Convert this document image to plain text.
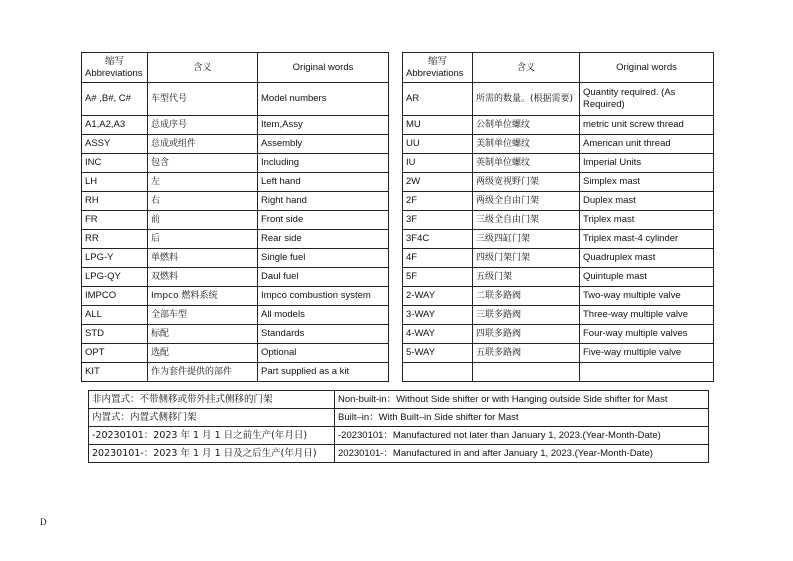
缩写
Abbreviations	含义	Original words
A# ,B#, C#	车型代号	Model numbers
A1,A2,A3	总成序号	Item,Assy
ASSY	总成或组件	Assembly
INC	包含	Including
LH	左	Left hand
RH	右	Right hand
FR	前	Front side
RR	后	Rear side
LPG-Y	单燃料	Single fuel
LPG-QY	双燃料	Daul fuel
IMPCO	Impco 燃料系统	Impco combustion system
ALL	全部车型	All models
STD	标配	Standards
OPT	选配	Optional
KIT	作为套件提供的部件	Part supplied as a kit
缩写
Abbreviations	含义	Original words
AR	所需的数量。(根据需要)	Quantity required. (As Required)
MU	公制单位螺纹	metric unit screw thread
UU	美制单位螺纹	American unit thread
IU	英制单位螺纹	Imperial Units
2W	两级宽视野门架	Simplex mast
2F	两级全自由门架	Duplex mast
3F	三级全自由门架	Triplex mast
3F4C	三级四缸门架	Triplex mast-4 cylinder
4F	四级门架门架	Quadruplex mast
5F	五级门架	Quintuple mast
2-WAY	二联多路阀	Two-way multiple valve
3-WAY	三联多路阀	Three-way multiple valve
4-WAY	四联多路阀	Four-way multiple valves
5-WAY	五联多路阀	Five-way multiple valve

非内置式：不带侧移或带外挂式侧移的门架	Non-built-in：Without Side shifter or with Hanging outside Side shifter for Mast
内置式：内置式侧移门架	Built–in：With Built–in Side shifter for Mast
-20230101：2023 年 1 月 1 日之前生产(年月日)	-20230101：Manufactured not later than January 1, 2023.(Year-Month-Date)
20230101-：2023 年 1 月 1 日及之后生产(年月日)	20230101-：Manufactured in and after January 1, 2023.(Year-Month-Date)
D
